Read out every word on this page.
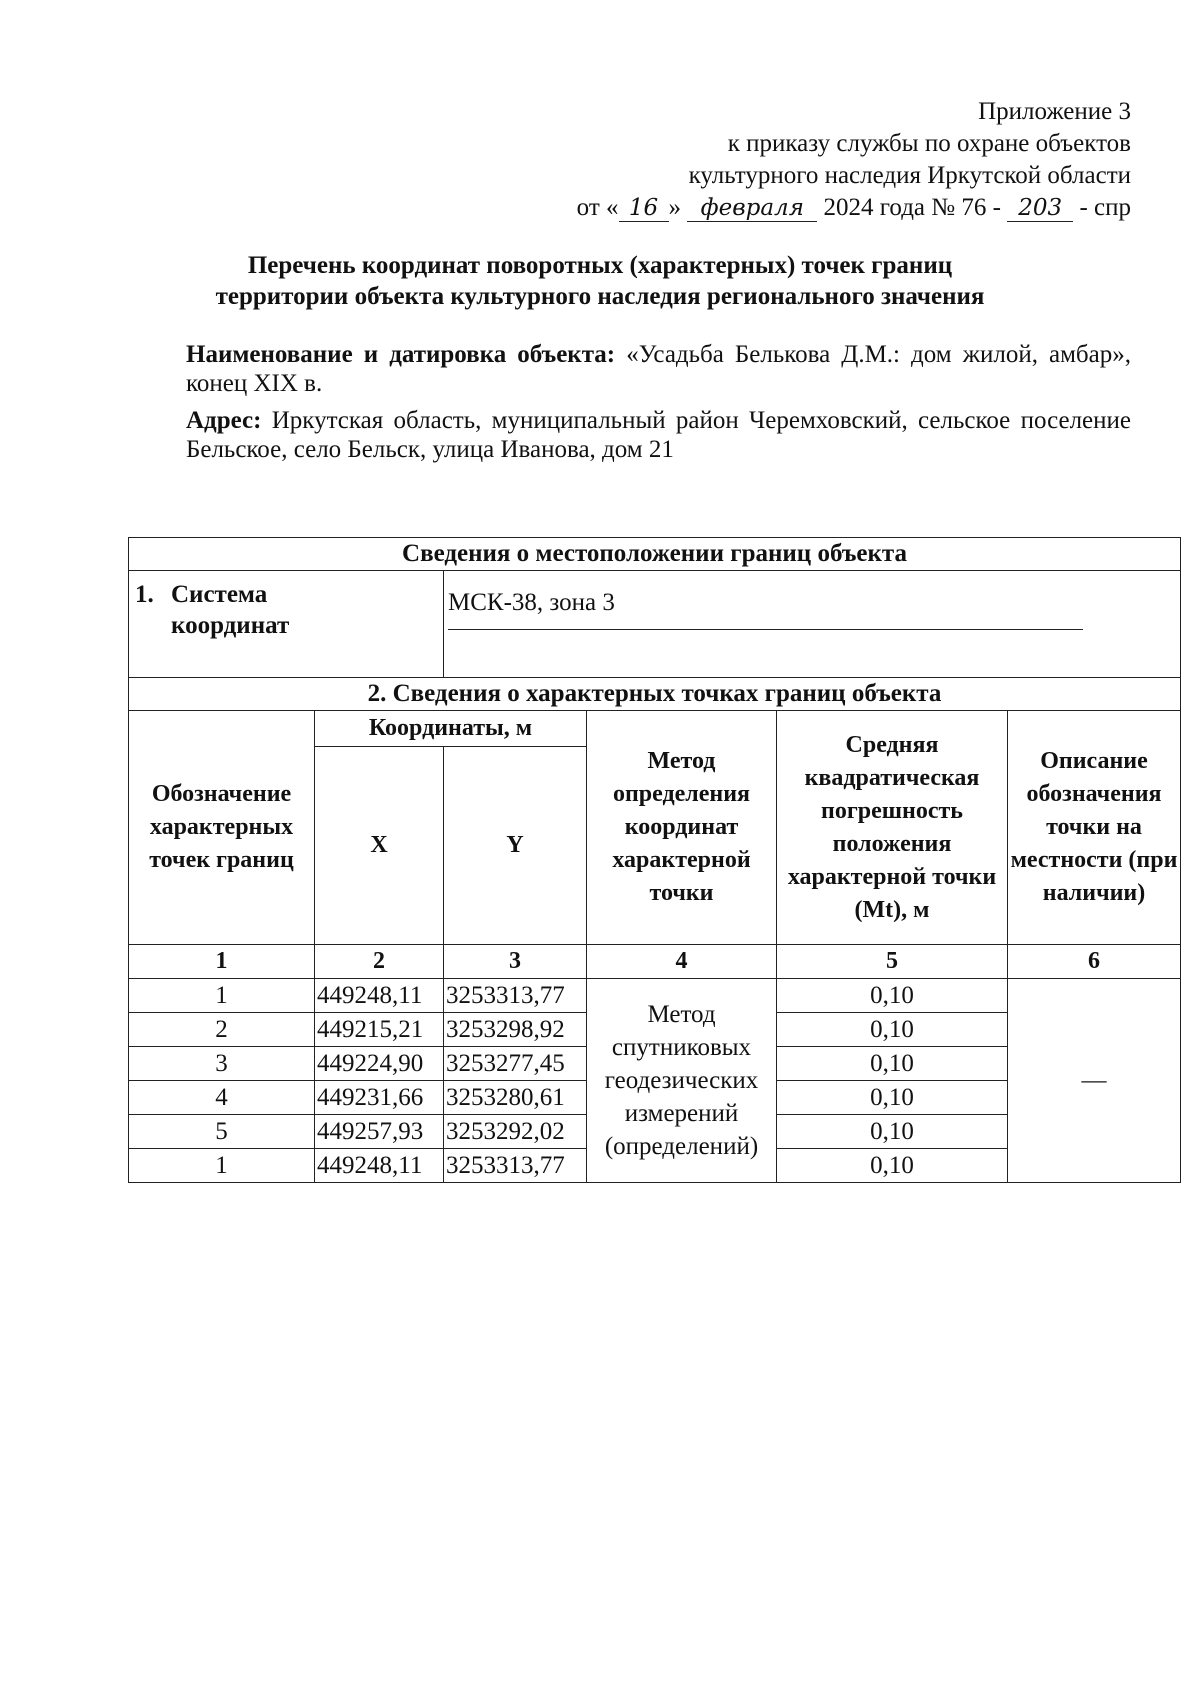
Приложение 3
к приказу службы по охране объектов
культурного наследия Иркутской области
от « 16 » февраля 2024 года № 76 - 203 - спр
Перечень координат поворотных (характерных) точек границ
территории объекта культурного наследия регионального значения

Наименование и датировка объекта: «Усадьба Белькова Д.М.: дом жилой, амбар», конец XIX в.

Адрес: Иркутская область, муниципальный район Черемховский, сельское поселение Бельское, село Бельск, улица Иванова, дом 21

Сведения о местоположении границ объекта					
1. Система координат		МСК-38, зона 3			
2. Сведения о характерных точках границ объекта					
Обозначение характерных точек границ	Координаты, м		Метод определения координат характерной точки	Средняя квадратическая погрешность положения характерной точки (Mt), м	Описание обозначения точки на местности (при наличии)
	X	Y			
1	2	3	4	5	6
1	449248,11	3253313,77	Метод спутниковых геодезических измерений (определений)	0,10	—
2	449215,21	3253298,92		0,10	
3	449224,90	3253277,45		0,10	
4	449231,66	3253280,61		0,10	
5	449257,93	3253292,02		0,10	
1	449248,11	3253313,77		0,10	
